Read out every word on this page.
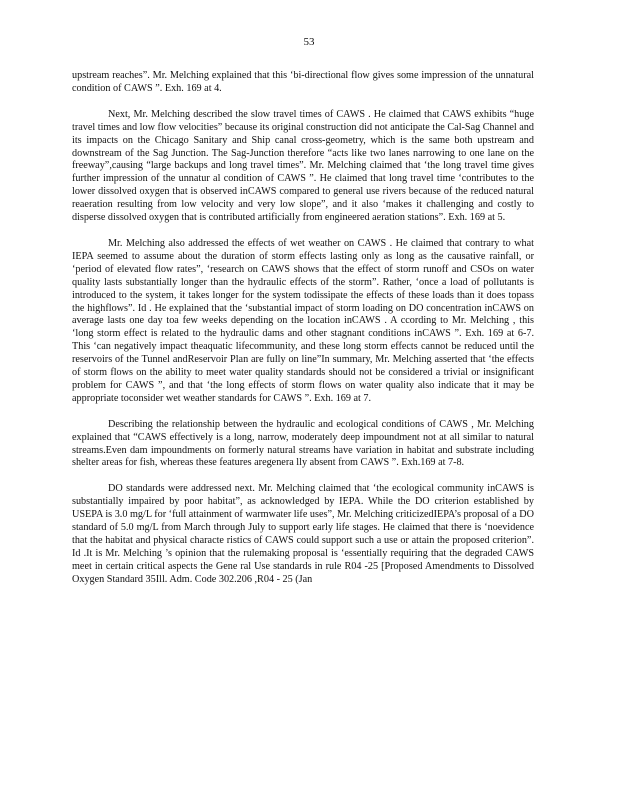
53

upstream reaches”. Mr. Melching explained that this ‘bi-directional flow gives some impression of the unnatural condition of CAWS ”. Exh. 169 at 4.

Next, Mr. Melching described the slow travel times of CAWS . He claimed that CAWS exhibits “huge travel times and low flow velocities” because its original construction did not anticipate the Cal-Sag Channel and its impacts on the Chicago Sanitary and Ship canal cross-geometry, which is the same both upstream and downstream of the Sag Junction. The Sag-Junction therefore “acts like two lanes narrowing to one lane on the freeway”,causing “large backups and long travel times”. Mr. Melching claimed that ‘the long travel time gives further impression of the unnatur al condition of CAWS ”. He claimed that long travel time ‘contributes to the lower dissolved oxygen that is observed inCAWS compared to general use rivers because of the reduced natural reaeration resulting from low velocity and very low slope”, and it also ‘makes it challenging and costly to disperse dissolved oxygen that is contributed artificially from engineered aeration stations”. Exh. 169 at 5.

Mr. Melching also addressed the effects of wet weather on CAWS . He claimed that contrary to what IEPA seemed to assume about the duration of storm effects lasting only as long as the causative rainfall, or ‘period of elevated flow rates”, ‘research on CAWS shows that the effect of storm runoff and CSOs on water quality lasts substantially longer than the hydraulic effects of the storm”. Rather, ‘once a load of pollutants is introduced to the system, it takes longer for the system todissipate the effects of these loads than it does topass the highflows”. Id . He explained that the ‘substantial impact of storm loading on DO concentration inCAWS on average lasts one day toa few weeks depending on the location inCAWS . A ccording to Mr. Melching , this ‘long storm effect is related to the hydraulic dams and other stagnant conditions inCAWS ”. Exh. 169 at 6-7. This ‘can negatively impact theaquatic lifecommunity, and these long storm effects cannot be reduced until the reservoirs of the Tunnel andReservoir Plan are fully on line”In summary, Mr. Melching asserted that ‘the effects of storm flows on the ability to meet water quality standards should not be considered a trivial or insignificant problem for CAWS ”, and that ‘the long effects of storm flows on water quality also indicate that it may be appropriate toconsider wet weather standards for CAWS ”. Exh. 169 at 7.

Describing the relationship between the hydraulic and ecological conditions of CAWS , Mr. Melching explained that “CAWS effectively is a long, narrow, moderately deep impoundment not at all similar to natural streams.Even dam impoundments on formerly natural streams have variation in habitat and substrate including shelter areas for fish, whereas these features aregenera lly absent from CAWS ”. Exh.169 at 7-8.

DO standards were addressed next. Mr. Melching claimed that ‘the ecological community inCAWS is substantially impaired by poor habitat”, as acknowledged by IEPA. While the DO criterion established by USEPA is 3.0 mg/L for ‘full attainment of warmwater life uses”, Mr. Melching criticizedIEPA’s proposal of a DO standard of 5.0 mg/L from March through July to support early life stages. He claimed that there is ‘noevidence that the habitat and physical characte ristics of CAWS could support such a use or attain the proposed criterion”. Id .It is Mr. Melching ’s opinion that the rulemaking proposal is ‘essentially requiring that the degraded CAWS meet in certain critical aspects the Gene ral Use standards in rule R04 -25 [Proposed Amendments to Dissolved Oxygen Standard 35Ill. Adm. Code 302.206 ,R04 - 25 (Jan
